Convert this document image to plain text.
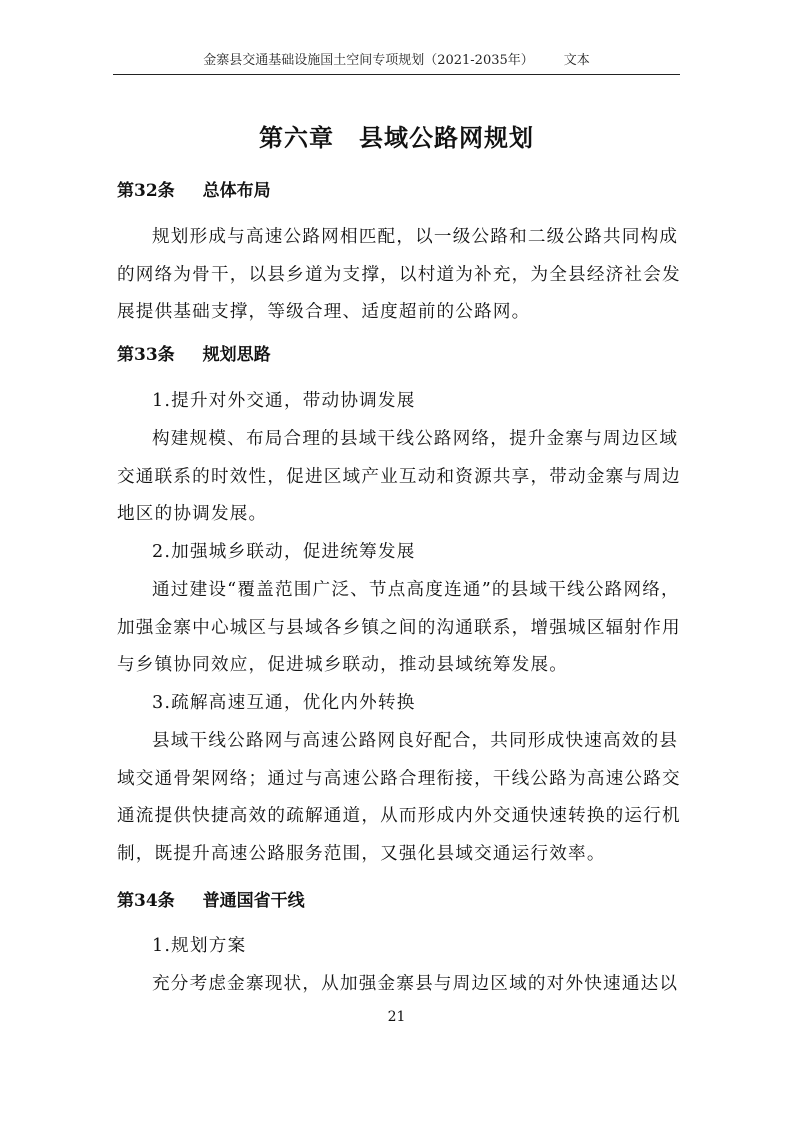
金寨县交通基础设施国土空间专项规划（2021-2035年） 文本
第六章　县域公路网规划
第32条 总体布局
规划形成与高速公路网相匹配，以一级公路和二级公路共同构成
的网络为骨干，以县乡道为支撑，以村道为补充，为全县经济社会发
展提供基础支撑，等级合理、适度超前的公路网。
第33条 规划思路
1.提升对外交通，带动协调发展
构建规模、布局合理的县域干线公路网络，提升金寨与周边区域
交通联系的时效性，促进区域产业互动和资源共享，带动金寨与周边
地区的协调发展。
2.加强城乡联动，促进统筹发展
通过建设“覆盖范围广泛、节点高度连通”的县域干线公路网络，
加强金寨中心城区与县域各乡镇之间的沟通联系，增强城区辐射作用
与乡镇协同效应，促进城乡联动，推动县域统筹发展。
3.疏解高速互通，优化内外转换
县域干线公路网与高速公路网良好配合，共同形成快速高效的县
域交通骨架网络；通过与高速公路合理衔接，干线公路为高速公路交
通流提供快捷高效的疏解通道，从而形成内外交通快速转换的运行机
制，既提升高速公路服务范围，又强化县域交通运行效率。
第34条 普通国省干线
1.规划方案
充分考虑金寨现状，从加强金寨县与周边区域的对外快速通达以
21
